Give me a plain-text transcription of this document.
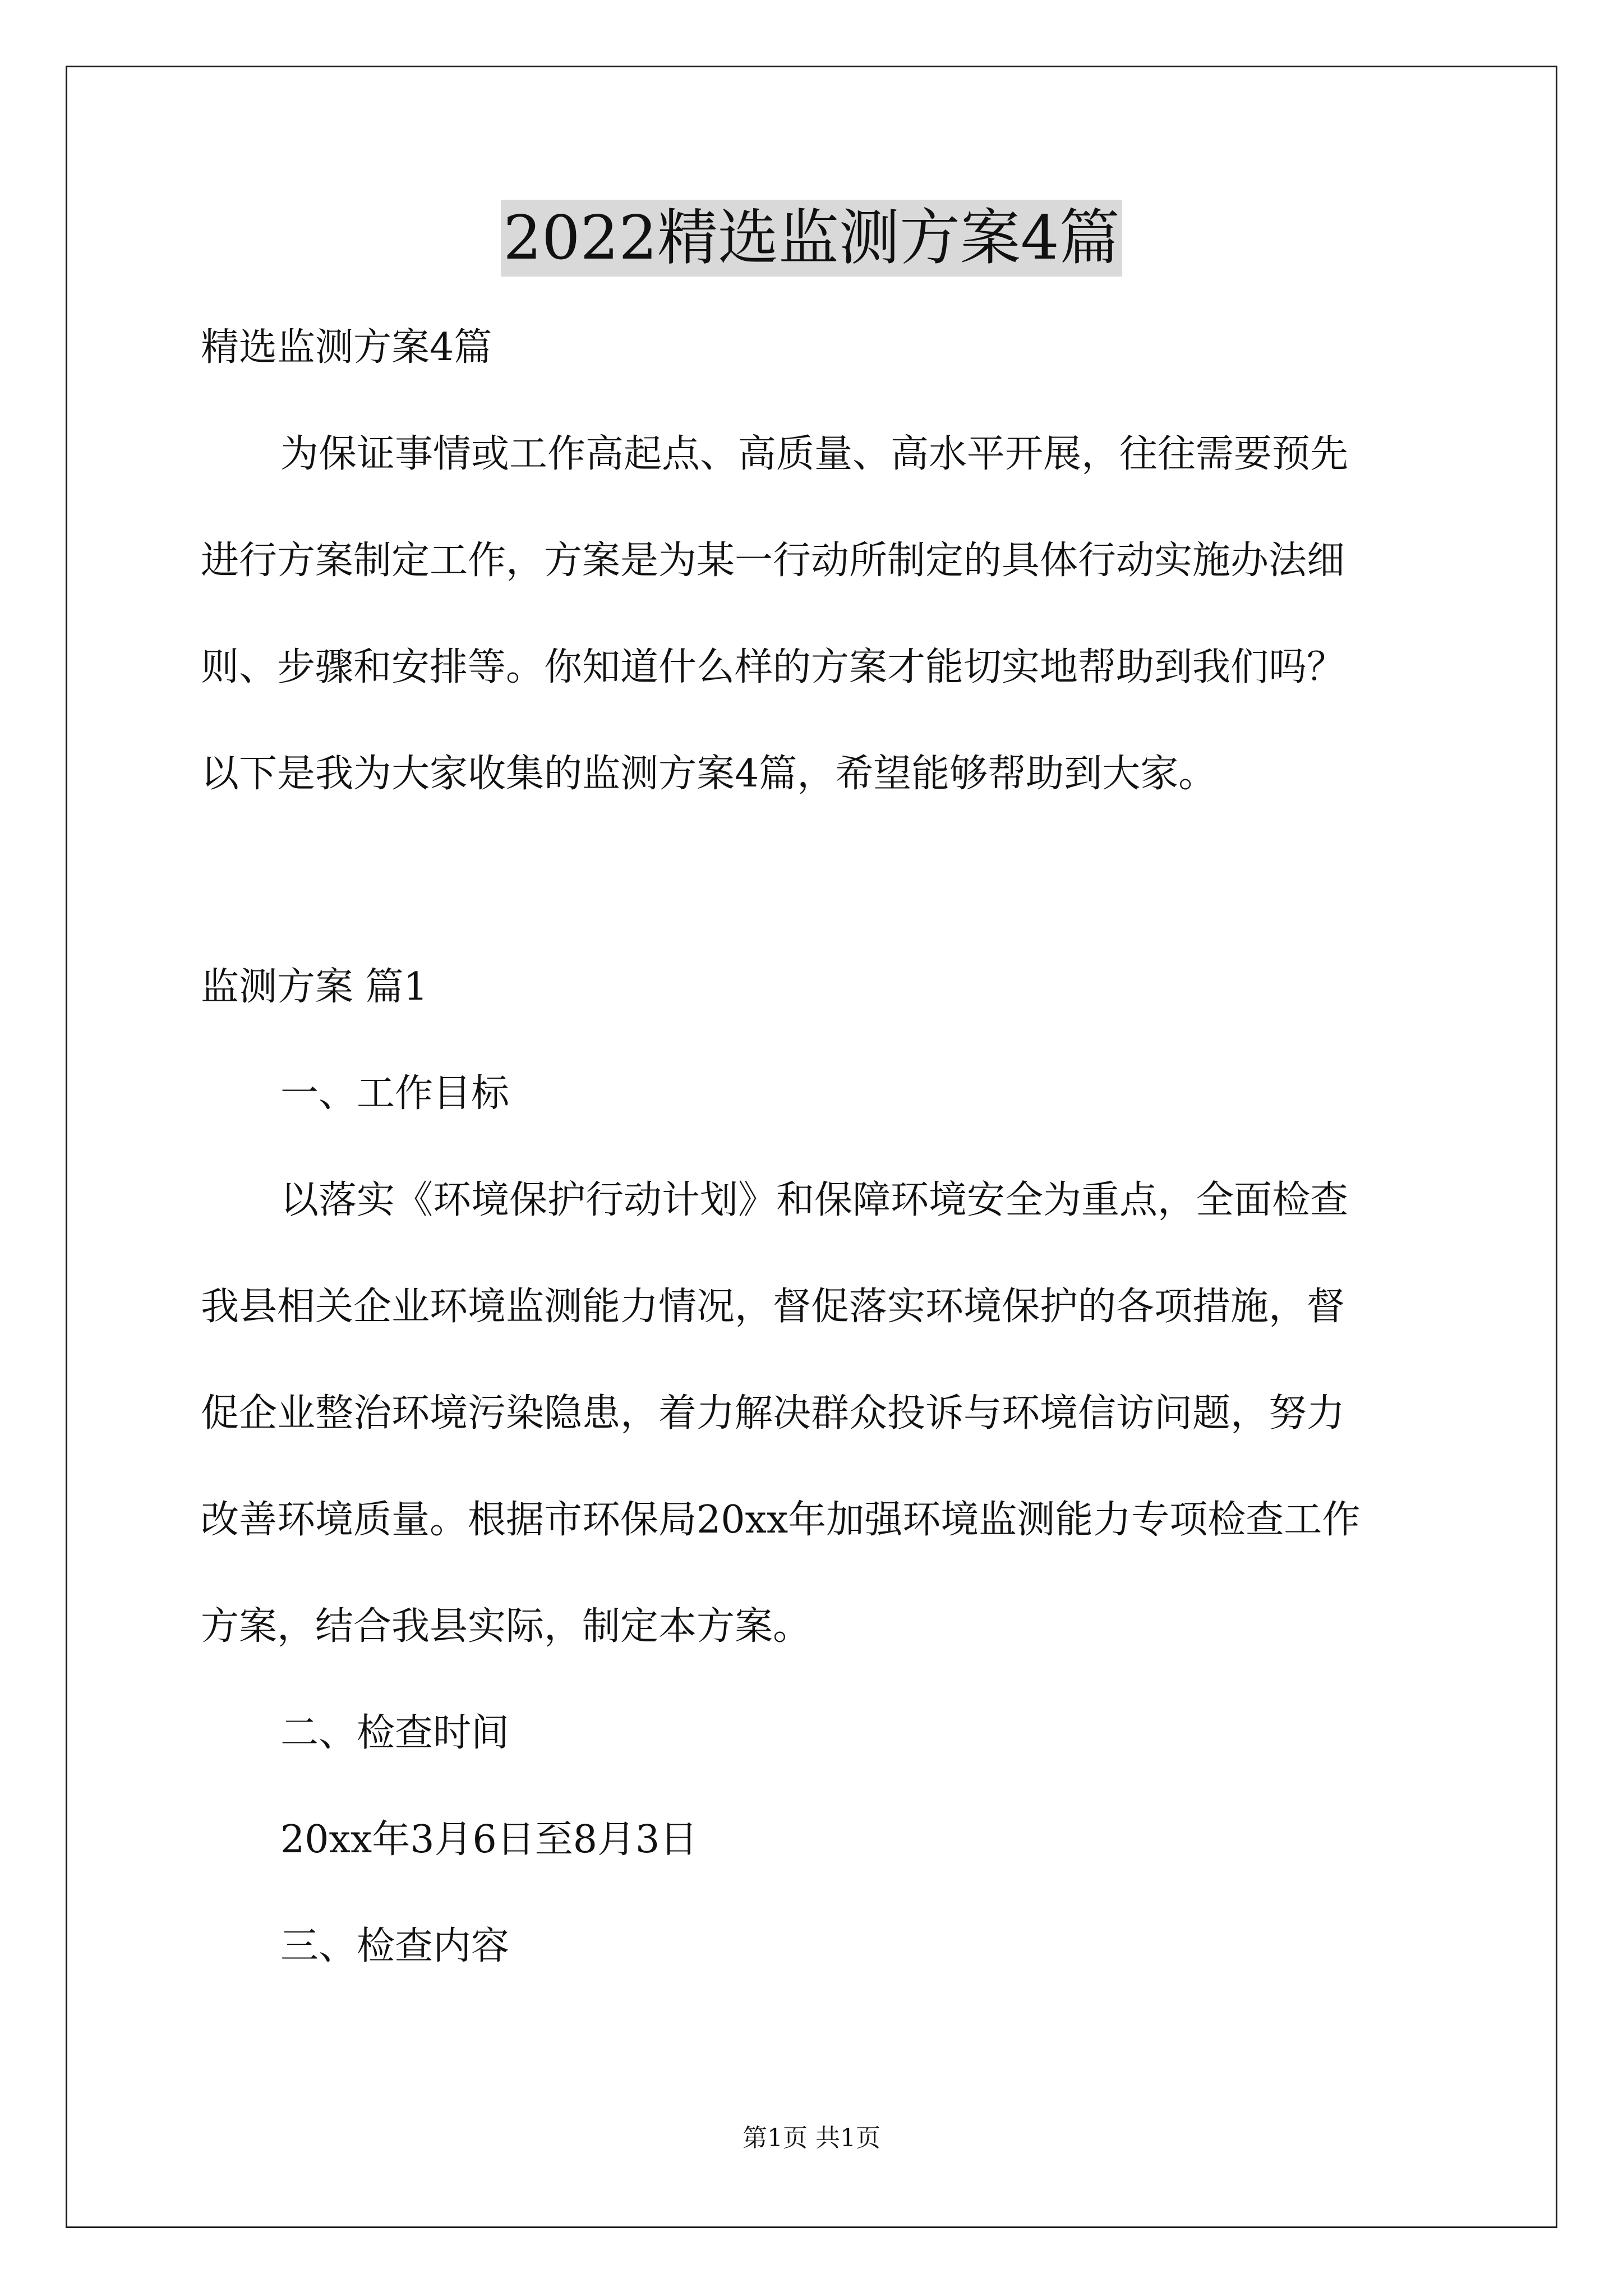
2022精选监测方案4篇

精选监测方案4篇

为保证事情或工作高起点、高质量、高水平开展，往往需要预先

进行方案制定工作，方案是为某一行动所制定的具体行动实施办法细

则、步骤和安排等。你知道什么样的方案才能切实地帮助到我们吗？

以下是我为大家收集的监测方案4篇，希望能够帮助到大家。

监测方案 篇1

一、工作目标

以落实《环境保护行动计划》和保障环境安全为重点，全面检查

我县相关企业环境监测能力情况，督促落实环境保护的各项措施，督

促企业整治环境污染隐患，着力解决群众投诉与环境信访问题，努力

改善环境质量。根据市环保局20xx年加强环境监测能力专项检查工作

方案，结合我县实际，制定本方案。

二、检查时间

20xx年3月6日至8月3日

三、检查内容

第1页 共1页
